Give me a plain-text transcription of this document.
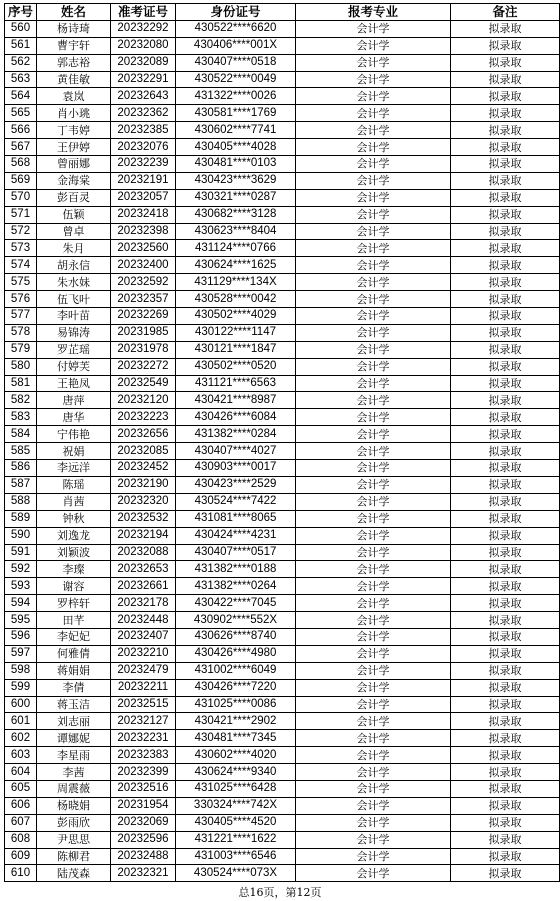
序号	姓名	准考证号	身份证号	报考专业	备注
560	杨诗琦	20232292	430522****6620	会计学	拟录取
561	曹宇轩	20232080	430406****001X	会计学	拟录取
562	郭志裕	20232089	430407****0518	会计学	拟录取
563	黄佳敏	20232291	430522****0049	会计学	拟录取
564	袁岚	20232643	431322****0026	会计学	拟录取
565	肖小珧	20232362	430581****1769	会计学	拟录取
566	丁韦婷	20232385	430602****7741	会计学	拟录取
567	王伊婷	20232076	430405****4028	会计学	拟录取
568	曾丽娜	20232239	430481****0103	会计学	拟录取
569	金海棠	20232191	430423****3629	会计学	拟录取
570	彭百灵	20232057	430321****0287	会计学	拟录取
571	伍颖	20232418	430682****3128	会计学	拟录取
572	曾卓	20232398	430623****8404	会计学	拟录取
573	朱月	20232560	431124****0766	会计学	拟录取
574	胡永信	20232400	430624****1625	会计学	拟录取
575	朱水妹	20232592	431129****134X	会计学	拟录取
576	伍飞叶	20232357	430528****0042	会计学	拟录取
577	李叶苗	20232269	430502****4029	会计学	拟录取
578	易锦涛	20231985	430122****1147	会计学	拟录取
579	罗芷瑶	20231978	430121****1847	会计学	拟录取
580	付婷芙	20232272	430502****0520	会计学	拟录取
581	王艳凤	20232549	431121****6563	会计学	拟录取
582	唐萍	20232120	430421****8987	会计学	拟录取
583	唐华	20232223	430426****6084	会计学	拟录取
584	宁伟艳	20232656	431382****0284	会计学	拟录取
585	祝娟	20232085	430407****4027	会计学	拟录取
586	李远洋	20232452	430903****0017	会计学	拟录取
587	陈瑶	20232190	430423****2529	会计学	拟录取
588	肖茜	20232320	430524****7422	会计学	拟录取
589	钟秋	20232532	431081****8065	会计学	拟录取
590	刘逸龙	20232194	430424****4231	会计学	拟录取
591	刘颖波	20232088	430407****0517	会计学	拟录取
592	李璨	20232653	431382****0188	会计学	拟录取
593	谢容	20232661	431382****0264	会计学	拟录取
594	罗梓轩	20232178	430422****7045	会计学	拟录取
595	田芊	20232448	430902****552X	会计学	拟录取
596	李妃妃	20232407	430626****8740	会计学	拟录取
597	何雅倩	20232210	430426****4980	会计学	拟录取
598	蒋娟娟	20232479	431002****6049	会计学	拟录取
599	李倩	20232211	430426****7220	会计学	拟录取
600	蒋玉洁	20232515	431025****0086	会计学	拟录取
601	刘志丽	20232127	430421****2902	会计学	拟录取
602	谭娜妮	20232231	430481****7345	会计学	拟录取
603	李星雨	20232383	430602****4020	会计学	拟录取
604	李茜	20232399	430624****9340	会计学	拟录取
605	周震薇	20232516	431025****6428	会计学	拟录取
606	杨晓娟	20231954	330324****742X	会计学	拟录取
607	彭雨欣	20232069	430405****4520	会计学	拟录取
608	尹思思	20232596	431221****1622	会计学	拟录取
609	陈柳君	20232488	431003****6546	会计学	拟录取
610	陆茂森	20232321	430524****073X	会计学	拟录取
总16页，第12页
